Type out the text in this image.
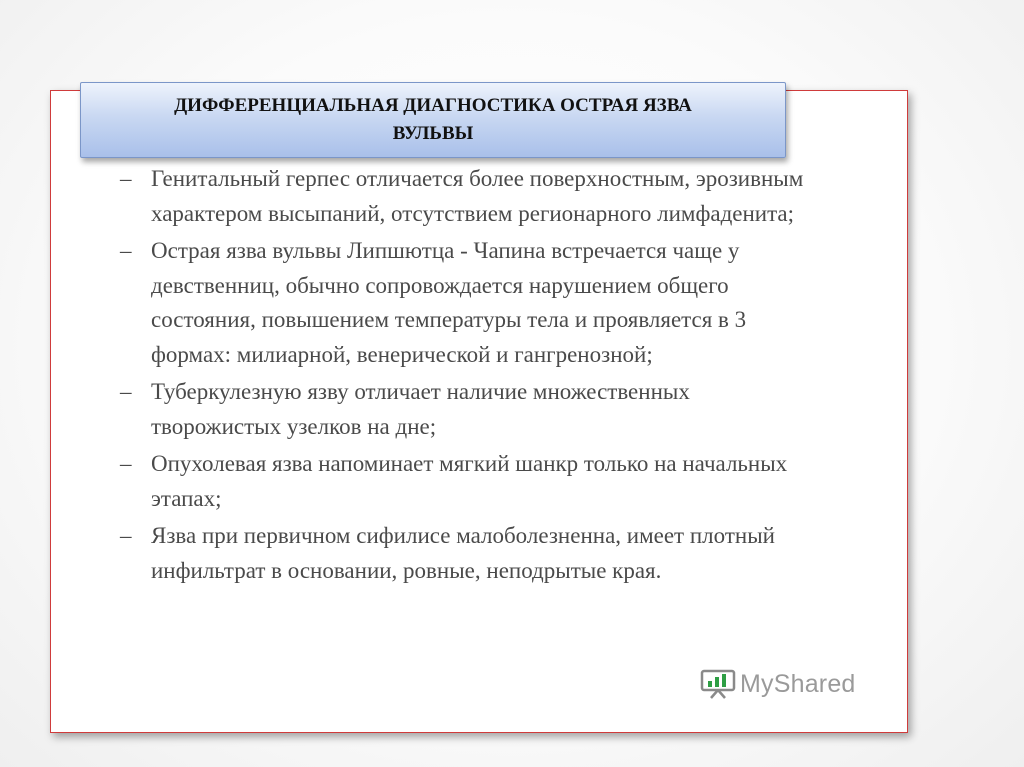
ДИФФЕРЕНЦИАЛЬНАЯ ДИАГНОСТИКА ОСТРАЯ ЯЗВА ВУЛЬВЫ
– Генитальный герпес отличается более поверхностным, эрозивным характером высыпаний, отсутствием регионарного лимфаденита;
– Острая язва вульвы Липшютца - Чапина встречается чаще у девственниц, обычно сопровождается нарушением общего состояния, повышением температуры тела и проявляется в 3 формах: милиарной, венерической и гангренозной;
– Туберкулезную язву отличает наличие множественных творожистых узелков на дне;
– Опухолевая язва напоминает мягкий шанкр только на начальных этапах;
– Язва при первичном сифилисе малоболезненна, имеет плотный инфильтрат в основании, ровные, неподрытые края.
MyShared
